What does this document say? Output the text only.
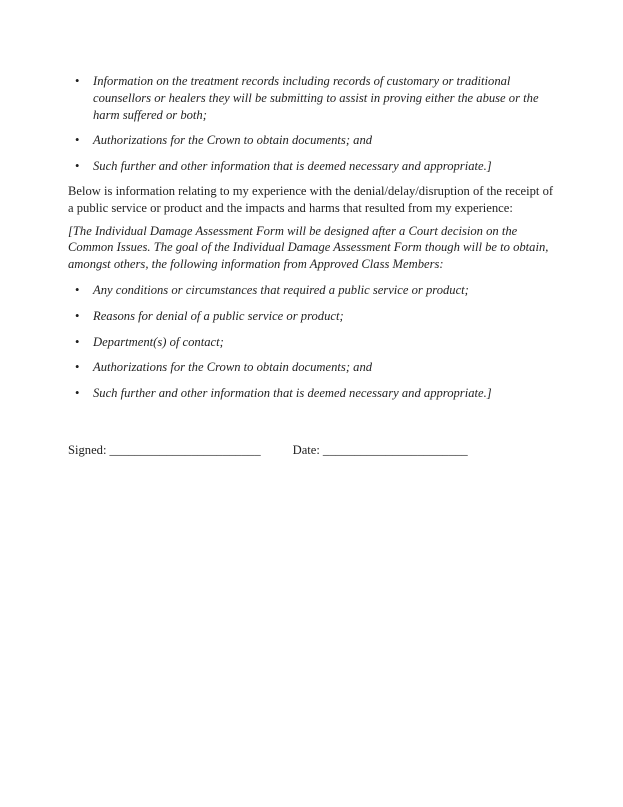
• Information on the treatment records including records of customary or traditional counsellors or healers they will be submitting to assist in proving either the abuse or the harm suffered or both;
• Authorizations for the Crown to obtain documents; and
• Such further and other information that is deemed necessary and appropriate.]

Below is information relating to my experience with the denial/delay/disruption of the receipt of a public service or product and the impacts and harms that resulted from my experience:

[The Individual Damage Assessment Form will be designed after a Court decision on the Common Issues. The goal of the Individual Damage Assessment Form though will be to obtain, amongst others, the following information from Approved Class Members:

• Any conditions or circumstances that required a public service or product;
• Reasons for denial of a public service or product;
• Department(s) of contact;
• Authorizations for the Crown to obtain documents; and
• Such further and other information that is deemed necessary and appropriate.]
Signed: ________________________	Date: _______________________
